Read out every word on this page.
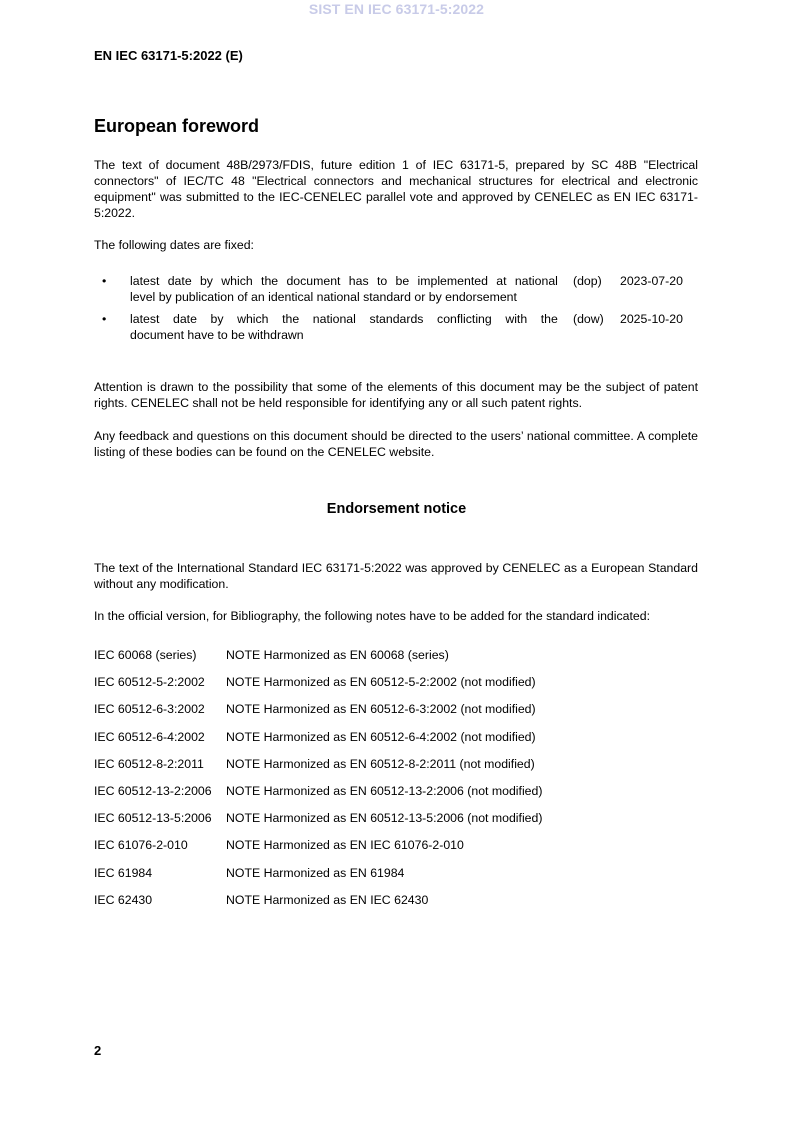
SIST EN IEC 63171-5:2022
EN IEC 63171-5:2022 (E)
European foreword
The text of document 48B/2973/FDIS, future edition 1 of IEC 63171-5, prepared by SC 48B "Electrical connectors" of IEC/TC 48 "Electrical connectors and mechanical structures for electrical and electronic equipment" was submitted to the IEC-CENELEC parallel vote and approved by CENELEC as EN IEC 63171-5:2022.
The following dates are fixed:
• latest date by which the document has to be implemented at national
level by publication of an identical national standard or by endorsement
(dop) 2023-07-20
• latest date by which the national standards conflicting with the
document have to be withdrawn
(dow) 2025-10-20
Attention is drawn to the possibility that some of the elements of this document may be the subject of patent rights. CENELEC shall not be held responsible for identifying any or all such patent rights.
Any feedback and questions on this document should be directed to the users’ national committee. A complete listing of these bodies can be found on the CENELEC website.
Endorsement notice
The text of the International Standard IEC 63171-5:2022 was approved by CENELEC as a European Standard without any modification.
In the official version, for Bibliography, the following notes have to be added for the standard indicated:
IEC 60068 (series) NOTE Harmonized as EN 60068 (series)
IEC 60512-5-2:2002 NOTE Harmonized as EN 60512-5-2:2002 (not modified)
IEC 60512-6-3:2002 NOTE Harmonized as EN 60512-6-3:2002 (not modified)
IEC 60512-6-4:2002 NOTE Harmonized as EN 60512-6-4:2002 (not modified)
IEC 60512-8-2:2011 NOTE Harmonized as EN 60512-8-2:2011 (not modified)
IEC 60512-13-2:2006 NOTE Harmonized as EN 60512-13-2:2006 (not modified)
IEC 60512-13-5:2006 NOTE Harmonized as EN 60512-13-5:2006 (not modified)
IEC 61076-2-010	NOTE Harmonized as EN IEC 61076-2-010
IEC 61984	NOTE Harmonized as EN 61984
IEC 62430	NOTE Harmonized as EN IEC 62430
2
